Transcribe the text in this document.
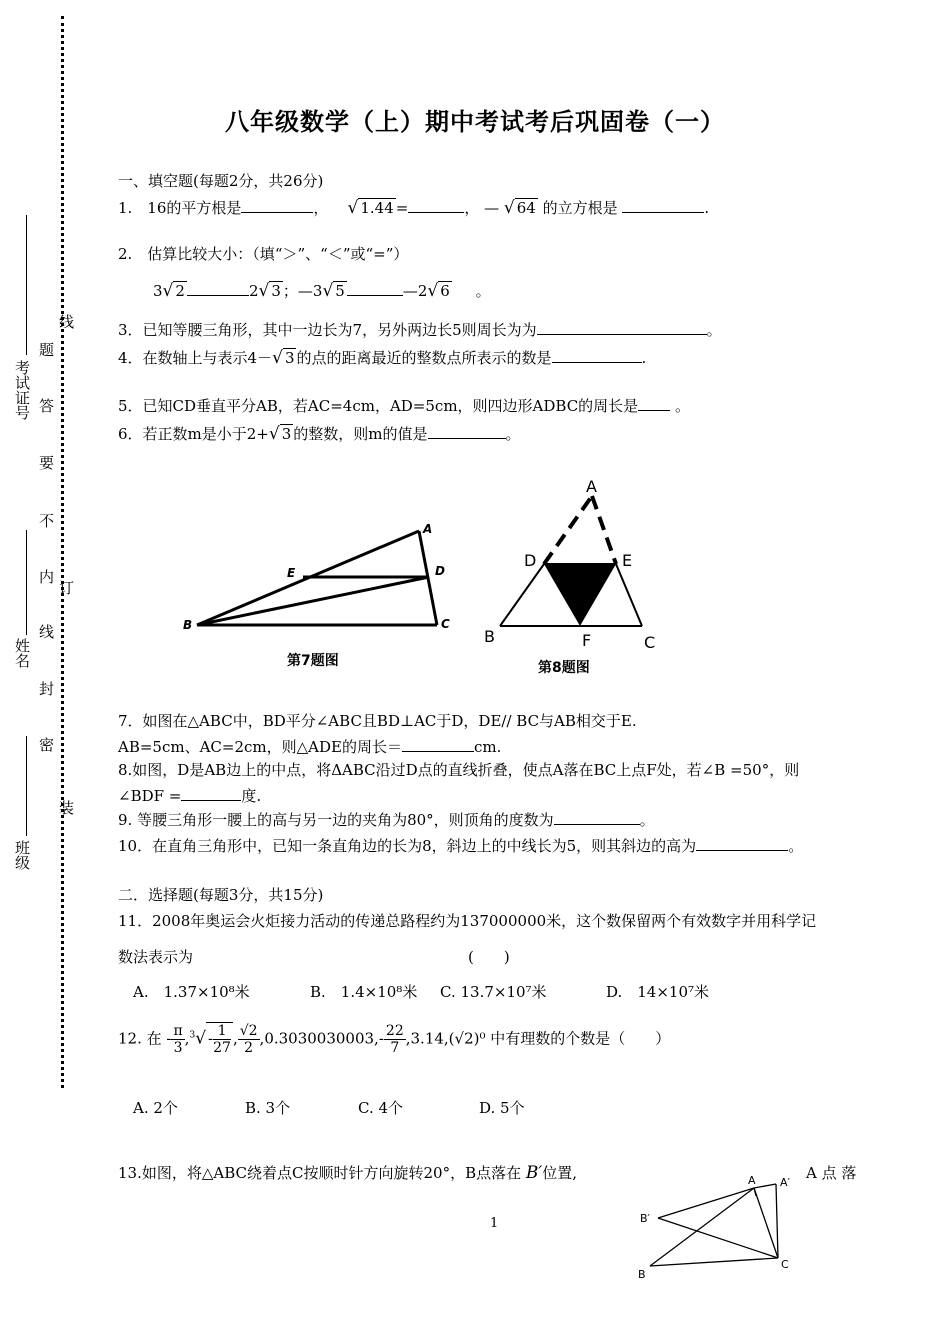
考试证号
姓名
班级
题
答
要
不
内
线
封
密
线
订
装
八年级数学（上）期中考试考后巩固卷（一）
一、填空题(每题2分，共26分)
1.　16的平方根是	， √ 1.44 =	， — √ 64 的立方根是	.
2.　估算比较大小：（填“＞”、“＜”或“=”）
3√ 2	2√ 3 ；—3√ 5	—2√ 6 。
3．已知等腰三角形，其中一边长为7，另外两边长5则周长为为	。
4．在数轴上与表示4－√ 3 的点的距离最近的整数点所表示的数是	.
5．已知CD垂直平分AB，若AC=4cm，AD=5cm，则四边形ADBC的周长是 。
6．若正数m是小于2+√ 3 的整数，则m的值是	。
A
B	C
D
E
第7题图
A
D	E
B	F	C
第8题图
7．如图在△ABC中，BD平分∠ABC且BD⊥AC于D，DE// BC与AB相交于E.
AB=5cm、AC=2cm，则△ADE的周长＝	cm.
8.如图，D是AB边上的中点，将ΔABC沿过D点的直线折叠，使点A落在BC上点F处，若∠B =50°，则
∠BDF =	度.
9. 等腰三角形一腰上的高与另一边的夹角为80°，则顶角的度数为	。
10．在直角三角形中，已知一条直角边的长为8，斜边上的中线长为5，则其斜边的高为	。
二．选择题(每题3分，共15分)
11．2008年奥运会火炬接力活动的传递总路程约为137000000米，这个数保留两个有效数字并用科学记
数法表示为	(　　)
A.　1.37×10⁸米	B.　1.4×10⁸米 C. 13.7×10⁷米	D.　14×10⁷米
12. 在 - $\frac{\pi}{3} ,^3√ - \frac{1}{27}$ , $\frac{√2}{2} ,0.3030030003,- \frac{22}{7} ,3.14,(√2)^0$ 中有理数的个数是（　　）
A. 2个	B. 3个	C. 4个	D. 5个
13.如图，将△ABC绕着点C按顺时针方向旋转20°，B点落在 B′位置,	A 点 落
A A′
B′
B
C
1
